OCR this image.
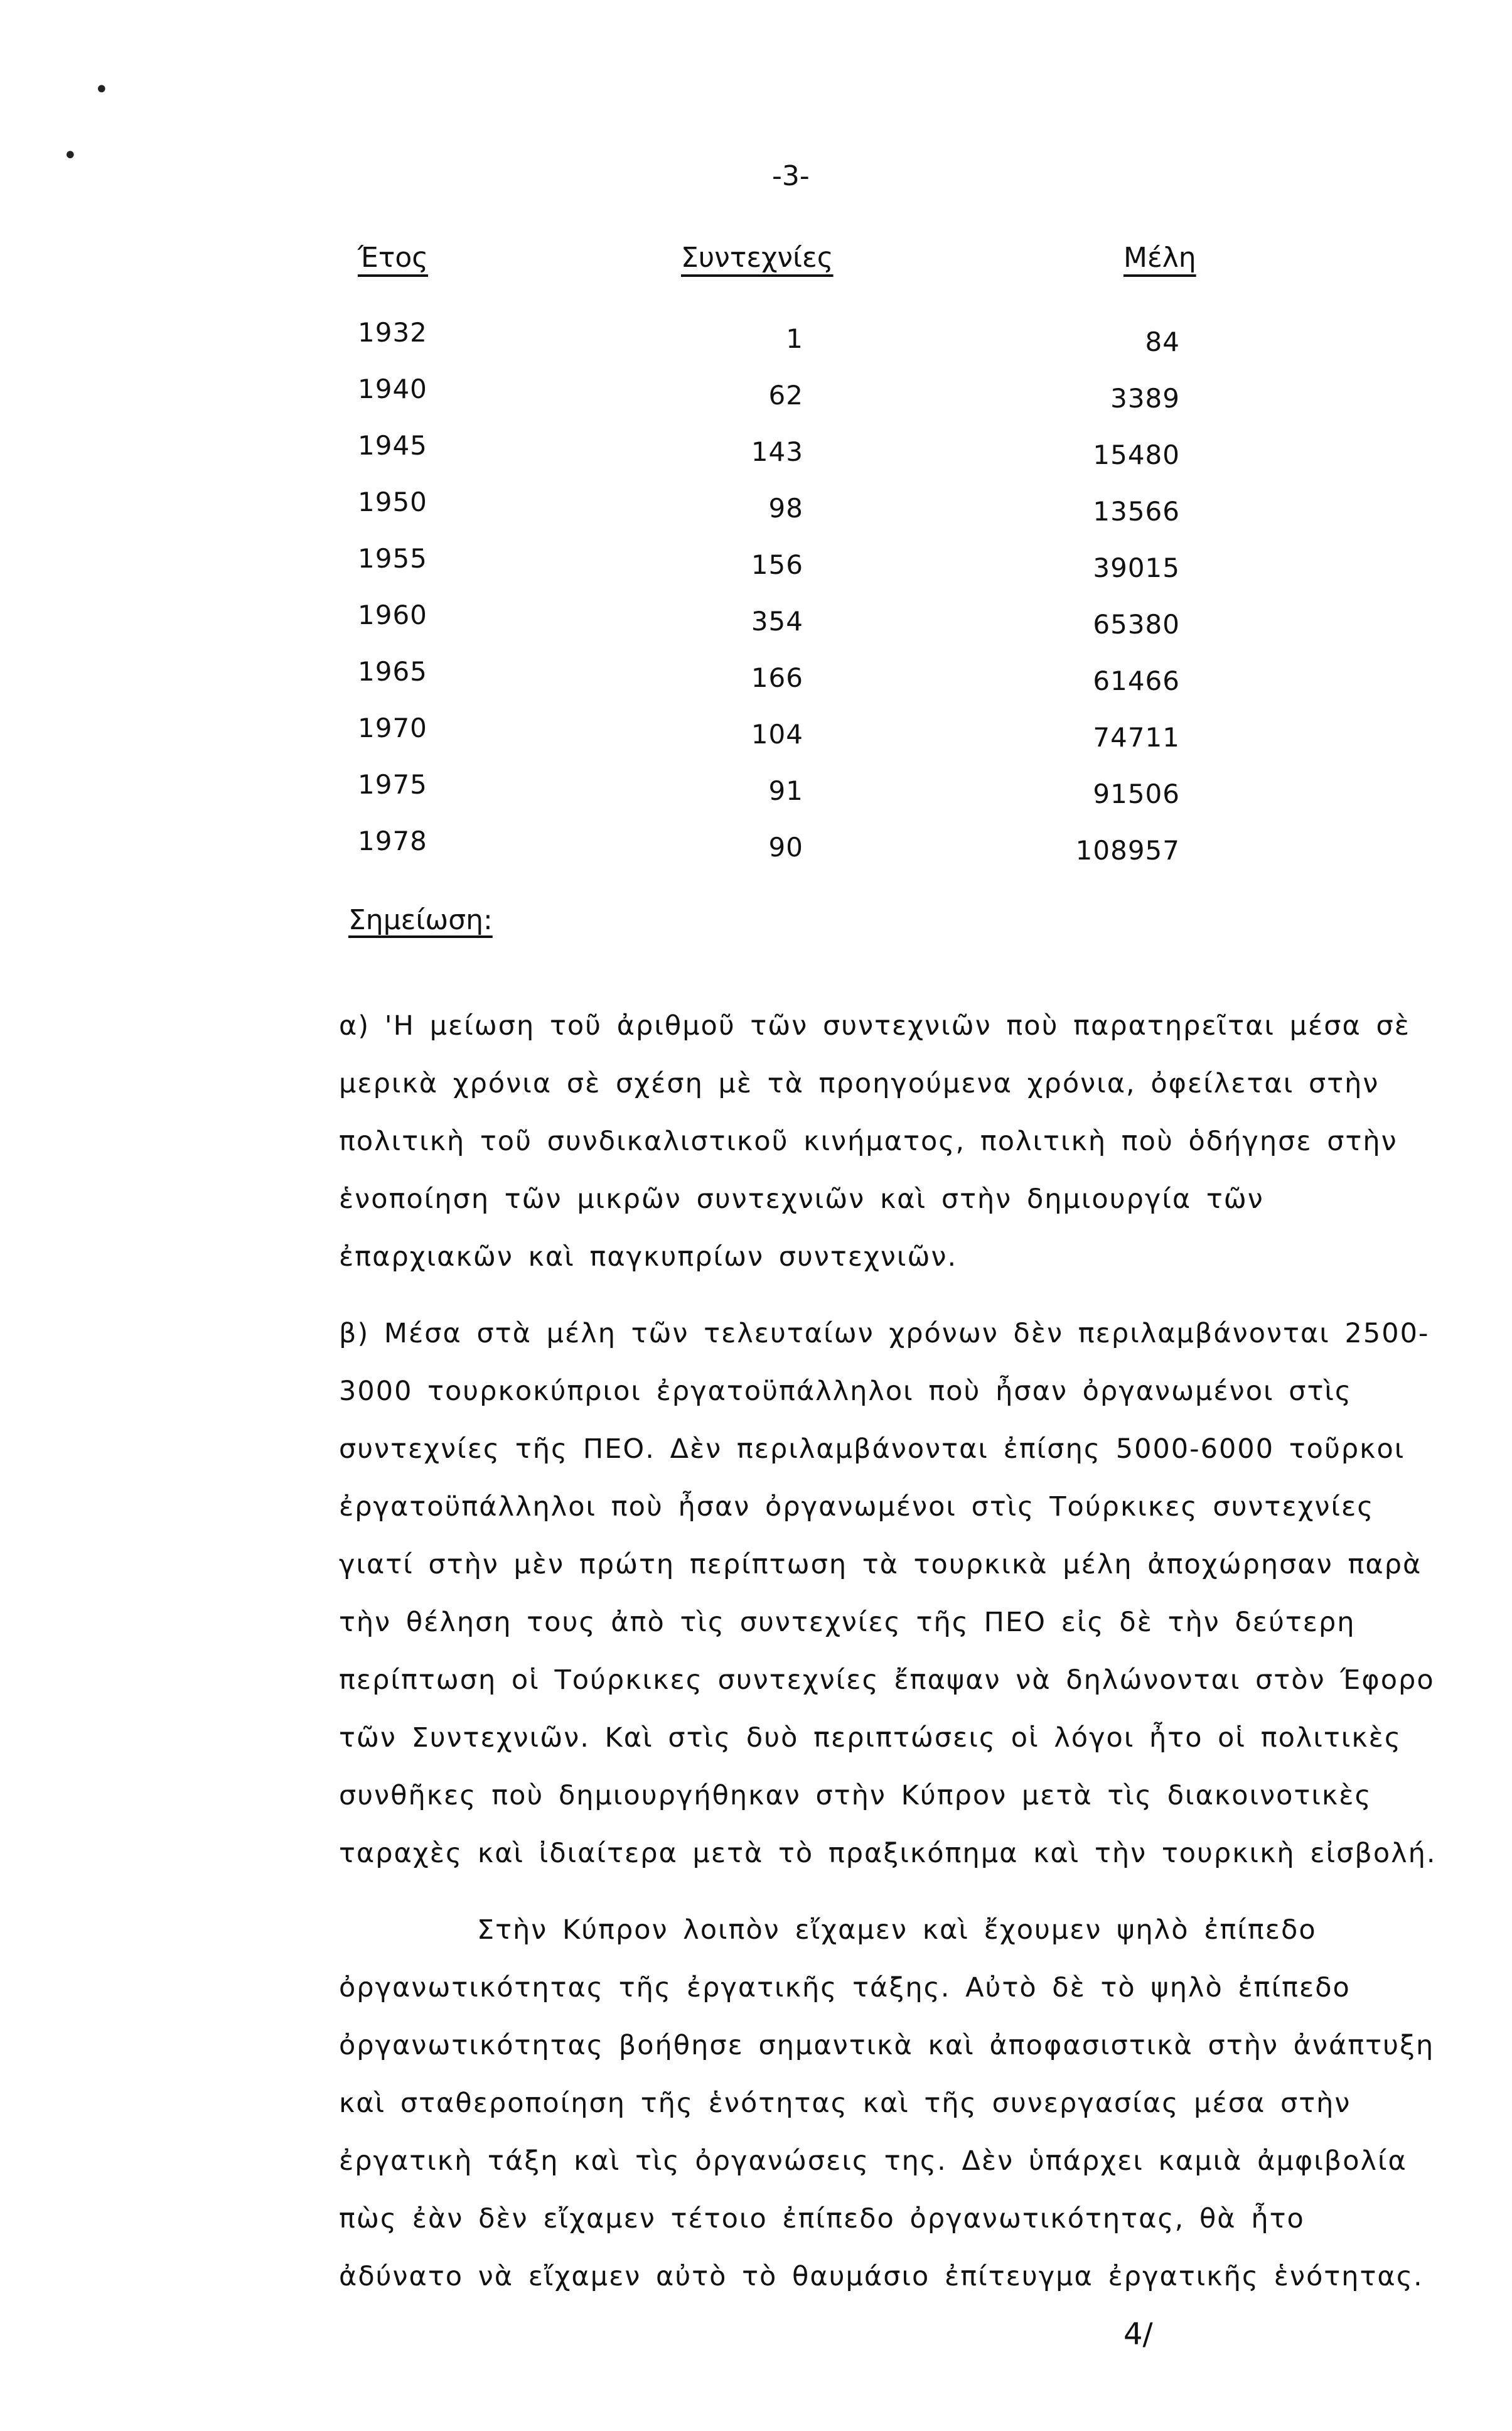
•
•
-3-
Έτος	Συντεχνίες	Μέλη
1932	1	84
1940	62	3389
1945	143	15480
1950	98	13566
1955	156	39015
1960	354	65380
1965	166	61466
1970	104	74711
1975	91	91506
1978	90	108957
Σημείωση:

α) 'Η μείωση τοῦ ἀριθμοῦ τῶν συντεχνιῶν ποὺ παρατηρεῖται μέσα σὲ μερικὰ χρόνια σὲ σχέση μὲ τὰ προηγούμενα χρόνια, ὀφείλεται στὴν πολιτικὴ τοῦ συνδικαλιστικοῦ κινήματος, πολιτικὴ ποὺ ὁδήγησε στὴν ἑνοποίηση τῶν μικρῶν συντεχνιῶν καὶ στὴν δημιουργία τῶν ἐπαρχιακῶν καὶ παγκυπρίων συντεχνιῶν.

β) Μέσα στὰ μέλη τῶν τελευταίων χρόνων δὲν περιλαμβάνονται 2500-3000 τουρκοκύπριοι ἐργατοϋπάλληλοι ποὺ ἦσαν ὀργανωμένοι στὶς συντεχνίες τῆς ΠΕΟ. Δὲν περιλαμβάνονται ἐπίσης 5000-6000 τοῦρκοι ἐργατοϋπάλληλοι ποὺ ἦσαν ὀργανωμένοι στὶς Τούρκικες συντεχνίες γιατί στὴν μὲν πρώτη περίπτωση τὰ τουρκικὰ μέλη ἀποχώρησαν παρὰ τὴν θέληση τους ἀπὸ τὶς συντεχνίες τῆς ΠΕΟ εἰς δὲ τὴν δεύτερη περίπτωση οἱ Τούρκικες συντεχνίες ἔπαψαν νὰ δηλώνονται στὸν Έφορο τῶν Συντεχνιῶν. Καὶ στὶς δυὸ περιπτώσεις οἱ λόγοι ἦτο οἱ πολιτικὲς συνθῆκες ποὺ δημιουργήθηκαν στὴν Κύπρον μετὰ τὶς διακοινοτικὲς ταραχὲς καὶ ἰδιαίτερα μετὰ τὸ πραξικόπημα καὶ τὴν τουρκικὴ εἰσβολή.

Στὴν Κύπρον λοιπὸν εἴχαμεν καὶ ἔχουμεν ψηλὸ ἐπίπεδο ὀργανωτικότητας τῆς ἐργατικῆς τάξης. Αὐτὸ δὲ τὸ ψηλὸ ἐπίπεδο ὀργανωτικότητας βοήθησε σημαντικὰ καὶ ἀποφασιστικὰ στὴν ἀνάπτυξη καὶ σταθεροποίηση τῆς ἑνότητας καὶ τῆς συνεργασίας μέσα στὴν ἐργατικὴ τάξη καὶ τὶς ὀργανώσεις της. Δὲν ὑπάρχει καμιὰ ἀμφιβολία πὼς ἐὰν δὲν εἴχαμεν τέτοιο ἐπίπεδο ὀργανωτικότητας, θὰ ἦτο ἀδύνατο νὰ εἴχαμεν αὐτὸ τὸ θαυμάσιο ἐπίτευγμα ἐργατικῆς ἑνότητας.

4/
